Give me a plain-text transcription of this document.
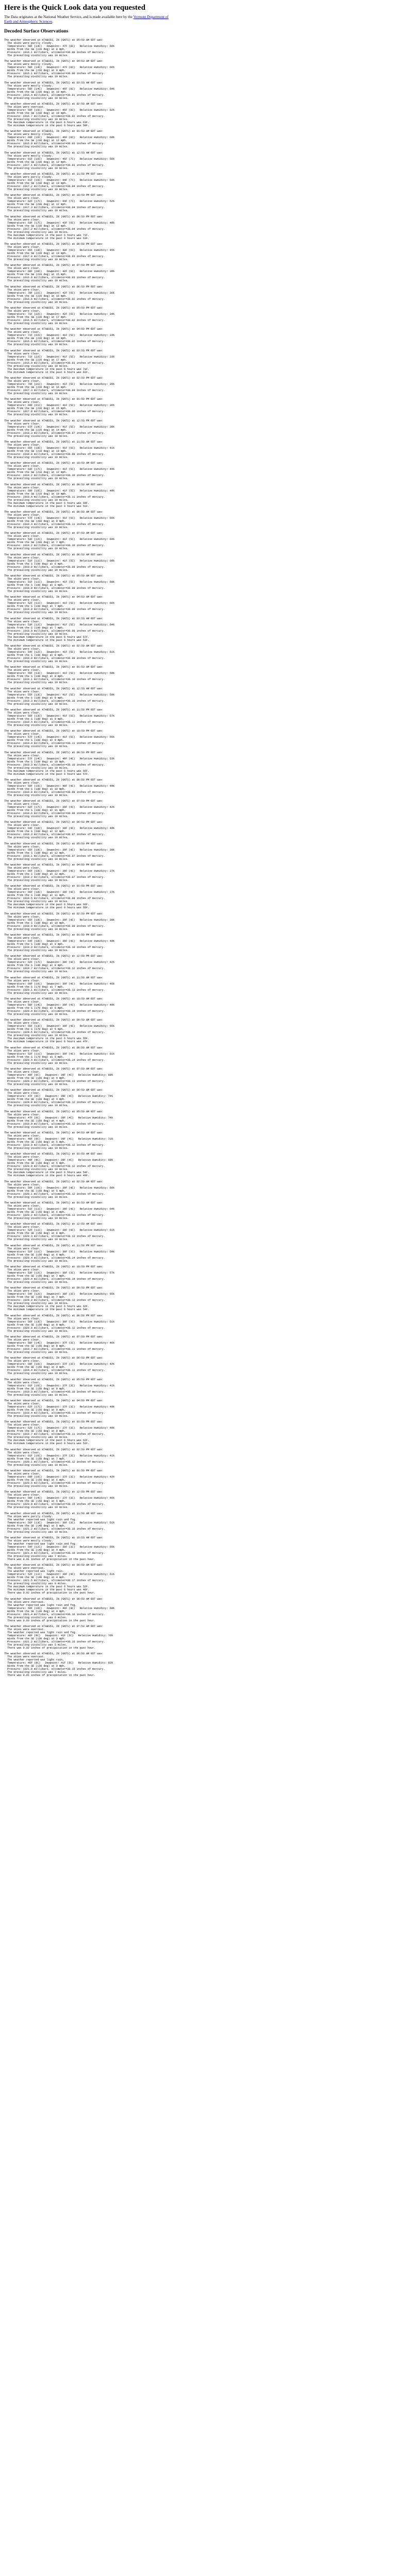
Here is the Quick Look data you requested

The Data originates at the National Weather Service, and is made available here by the Vermont Department of Earth and Atmospheric Sciences.

Decoded Surface Observations
The weather observed at KTABS53, IN (GNTS) at 05:53 AM EDT was:
The skies were partly cloudy.
Temperature: 58F (14C)   Dewpoint: 47F (8C)   Relative Humidity: 66%
Winds from the SW (220 deg) at 8 mph.
Pressure: 1016.1 millibars, altimeter=30.00 inches of mercury.
The prevailing visibility was 10 miles.
The weather observed at KTABS53, IN (GNTS) at 04:53 AM EDT was:
The skies were mostly cloudy.
Temperature: 58F (14C)   Dewpoint: 47F (8C)   Relative Humidity: 66%
Winds from the SW (220 deg) at 9 mph.
Pressure: 1016.1 millibars, altimeter=30.00 inches of mercury.
The prevailing visibility was 10 miles.
The weather observed at KTABS53, IN (GNTS) at 03:53 AM EDT was:
The skies were mostly cloudy.
Temperature: 58F (14C)   Dewpoint: 46F (8C)   Relative Humidity: 64%
Winds from the SW (230 deg) at 10 mph.
Pressure: 1016.4 millibars, altimeter=30.01 inches of mercury.
The prevailing visibility was 10 miles.
The weather observed at KTABS53, IN (GNTS) at 02:53 AM EDT was:
The skies were overcast.
Temperature: 59F (15C)   Dewpoint: 46F (8C)   Relative Humidity: 62%
Winds from the SW (230 deg) at 10 mph.
Pressure: 1016.7 millibars, altimeter=30.02 inches of mercury.
The prevailing visibility was 10 miles.
The maximum temperature in the past 6 hours was 63F.
The minimum temperature in the past 6 hours was 58F.
The weather observed at KTABS53, IN (GNTS) at 01:53 AM EDT was:
The skies were mostly cloudy.
Temperature: 60F (16C)   Dewpoint: 46F (8C)   Relative Humidity: 60%
Winds from the SW (230 deg) at 12 mph.
Pressure: 1016.9 millibars, altimeter=30.03 inches of mercury.
The prevailing visibility was 10 miles.
The weather observed at KTABS53, IN (GNTS) at 12:53 AM EDT was:
The skies were mostly cloudy.
Temperature: 61F (16C)   Dewpoint: 45F (7C)   Relative Humidity: 56%
Winds from the SW (230 deg) at 12 mph.
Pressure: 1017.1 millibars, altimeter=30.03 inches of mercury.
The prevailing visibility was 10 miles.
The weather observed at KTABS53, IN (GNTS) at 11:53 PM EDT was:
The skies were partly cloudy.
Temperature: 61F (16C)   Dewpoint: 44F (7C)   Relative Humidity: 54%
Winds from the SW (230 deg) at 13 mph.
Pressure: 1017.2 millibars, altimeter=30.04 inches of mercury.
The prevailing visibility was 10 miles.
The weather observed at KTABS53, IN (GNTS) at 10:53 PM EDT was:
The skies were clear.
Temperature: 62F (17C)   Dewpoint: 44F (7C)   Relative Humidity: 52%
Winds from the SW (230 deg) at 12 mph.
Pressure: 1017.3 millibars, altimeter=30.04 inches of mercury.
The prevailing visibility was 10 miles.
The weather observed at KTABS53, IN (GNTS) at 09:53 PM EDT was:
The skies were clear.
Temperature: 63F (17C)   Dewpoint: 43F (6C)   Relative Humidity: 48%
Winds from the SW (230 deg) at 13 mph.
Pressure: 1017.2 millibars, altimeter=30.04 inches of mercury.
The prevailing visibility was 10 miles.
The maximum temperature in the past 6 hours was 71F.
The minimum temperature in the past 6 hours was 63F.
The weather observed at KTABS53, IN (GNTS) at 08:53 PM EDT was:
The skies were clear.
Temperature: 65F (18C)   Dewpoint: 43F (6C)   Relative Humidity: 45%
Winds from the SW (220 deg) at 13 mph.
Pressure: 1017.0 millibars, altimeter=30.03 inches of mercury.
The prevailing visibility was 10 miles.
The weather observed at KTABS53, IN (GNTS) at 07:53 PM EDT was:
The skies were clear.
Temperature: 68F (20C)   Dewpoint: 42F (6C)   Relative Humidity: 39%
Winds from the SW (220 deg) at 15 mph.
Pressure: 1016.8 millibars, altimeter=30.03 inches of mercury.
The prevailing visibility was 10 miles.
The weather observed at KTABS53, IN (GNTS) at 06:53 PM EDT was:
The skies were clear.
Temperature: 70F (21C)   Dewpoint: 42F (6C)   Relative Humidity: 36%
Winds from the SW (220 deg) at 16 mph.
Pressure: 1016.6 millibars, altimeter=30.02 inches of mercury.
The prevailing visibility was 10 miles.
The weather observed at KTABS53, IN (GNTS) at 05:53 PM EDT was:
The skies were clear.
Temperature: 71F (22C)   Dewpoint: 42F (6C)   Relative Humidity: 34%
Winds from the SW (220 deg) at 17 mph.
Pressure: 1016.5 millibars, altimeter=30.02 inches of mercury.
The prevailing visibility was 10 miles.
The weather observed at KTABS53, IN (GNTS) at 04:53 PM EDT was:
The skies were clear.
Temperature: 71F (22C)   Dewpoint: 41F (5C)   Relative Humidity: 33%
Winds from the SW (220 deg) at 18 mph.
Pressure: 1016.6 millibars, altimeter=30.02 inches of mercury.
The prevailing visibility was 10 miles.
The weather observed at KTABS53, IN (GNTS) at 03:53 PM EDT was:
The skies were clear.
Temperature: 71F (22C)   Dewpoint: 41F (5C)   Relative Humidity: 33%
Winds from the SW (220 deg) at 17 mph.
Pressure: 1016.9 millibars, altimeter=30.03 inches of mercury.
The prevailing visibility was 10 miles.
The maximum temperature in the past 6 hours was 71F.
The minimum temperature in the past 6 hours was 61F.
The weather observed at KTABS53, IN (GNTS) at 02:53 PM EDT was:
The skies were clear.
Temperature: 70F (21C)   Dewpoint: 41F (5C)   Relative Humidity: 35%
Winds from the SW (220 deg) at 16 mph.
Pressure: 1017.3 millibars, altimeter=30.04 inches of mercury.
The prevailing visibility was 10 miles.
The weather observed at KTABS53, IN (GNTS) at 01:53 PM EDT was:
The skies were clear.
Temperature: 69F (21C)   Dewpoint: 41F (5C)   Relative Humidity: 36%
Winds from the SW (220 deg) at 15 mph.
Pressure: 1017.8 millibars, altimeter=30.06 inches of mercury.
The prevailing visibility was 10 miles.
The weather observed at KTABS53, IN (GNTS) at 12:53 PM EDT was:
The skies were clear.
Temperature: 67F (19C)   Dewpoint: 41F (5C)   Relative Humidity: 38%
Winds from the SW (220 deg) at 14 mph.
Pressure: 1018.3 millibars, altimeter=30.07 inches of mercury.
The prevailing visibility was 10 miles.
The weather observed at KTABS53, IN (GNTS) at 11:53 AM EDT was:
The skies were clear.
Temperature: 65F (18C)   Dewpoint: 41F (5C)   Relative Humidity: 41%
Winds from the SW (210 deg) at 13 mph.
Pressure: 1018.8 millibars, altimeter=30.09 inches of mercury.
The prevailing visibility was 10 miles.
The weather observed at KTABS53, IN (GNTS) at 10:53 AM EDT was:
The skies were clear.
Temperature: 63F (17C)   Dewpoint: 41F (5C)   Relative Humidity: 44%
Winds from the SW (210 deg) at 12 mph.
Pressure: 1019.2 millibars, altimeter=30.10 inches of mercury.
The prevailing visibility was 10 miles.
The weather observed at KTABS53, IN (GNTS) at 09:53 AM EDT was:
The skies were clear.
Temperature: 60F (16C)   Dewpoint: 41F (5C)   Relative Humidity: 49%
Winds from the SW (210 deg) at 10 mph.
Pressure: 1019.4 millibars, altimeter=30.11 inches of mercury.
The prevailing visibility was 10 miles.
The maximum temperature in the past 6 hours was 60F.
The minimum temperature in the past 6 hours was 51F.
The weather observed at KTABS53, IN (GNTS) at 08:53 AM EDT was:
The skies were clear.
Temperature: 57F (14C)   Dewpoint: 41F (5C)   Relative Humidity: 55%
Winds from the SW (200 deg) at 9 mph.
Pressure: 1019.4 millibars, altimeter=30.11 inches of mercury.
The prevailing visibility was 10 miles.
The weather observed at KTABS53, IN (GNTS) at 07:53 AM EDT was:
The skies were clear.
Temperature: 53F (12C)   Dewpoint: 41F (5C)   Relative Humidity: 64%
Winds from the SW (200 deg) at 7 mph.
Pressure: 1019.2 millibars, altimeter=30.10 inches of mercury.
The prevailing visibility was 10 miles.
The weather observed at KTABS53, IN (GNTS) at 06:53 AM EDT was:
The skies were clear.
Temperature: 51F (11C)   Dewpoint: 41F (5C)   Relative Humidity: 68%
Winds from the S (190 deg) at 6 mph.
Pressure: 1019.0 millibars, altimeter=30.09 inches of mercury.
The prevailing visibility was 10 miles.
The weather observed at KTABS53, IN (GNTS) at 05:53 AM EDT was:
The skies were clear.
Temperature: 51F (11C)   Dewpoint: 41F (5C)   Relative Humidity: 68%
Winds from the S (190 deg) at 6 mph.
Pressure: 1018.8 millibars, altimeter=30.09 inches of mercury.
The prevailing visibility was 10 miles.
The weather observed at KTABS53, IN (GNTS) at 04:53 AM EDT was:
The skies were clear.
Temperature: 52F (11C)   Dewpoint: 41F (5C)   Relative Humidity: 66%
Winds from the S (190 deg) at 7 mph.
Pressure: 1018.8 millibars, altimeter=30.09 inches of mercury.
The prevailing visibility was 10 miles.
The weather observed at KTABS53, IN (GNTS) at 03:53 AM EDT was:
The skies were clear.
Temperature: 53F (12C)   Dewpoint: 41F (5C)   Relative Humidity: 64%
Winds from the S (190 deg) at 7 mph.
Pressure: 1018.9 millibars, altimeter=30.09 inches of mercury.
The prevailing visibility was 10 miles.
The maximum temperature in the past 6 hours was 57F.
The minimum temperature in the past 6 hours was 53F.
The weather observed at KTABS53, IN (GNTS) at 02:53 AM EDT was:
The skies were clear.
Temperature: 54F (12C)   Dewpoint: 41F (5C)   Relative Humidity: 61%
Winds from the S (190 deg) at 8 mph.
Pressure: 1019.0 millibars, altimeter=30.09 inches of mercury.
The prevailing visibility was 10 miles.
The weather observed at KTABS53, IN (GNTS) at 01:53 AM EDT was:
The skies were clear.
Temperature: 55F (13C)   Dewpoint: 41F (5C)   Relative Humidity: 59%
Winds from the S (190 deg) at 8 mph.
Pressure: 1019.1 millibars, altimeter=30.10 inches of mercury.
The prevailing visibility was 10 miles.
The weather observed at KTABS53, IN (GNTS) at 12:53 AM EDT was:
The skies were clear.
Temperature: 55F (13C)   Dewpoint: 41F (5C)   Relative Humidity: 59%
Winds from the S (180 deg) at 8 mph.
Pressure: 1019.3 millibars, altimeter=30.10 inches of mercury.
The prevailing visibility was 10 miles.
The weather observed at KTABS53, IN (GNTS) at 11:53 PM EDT was:
The skies were clear.
Temperature: 56F (13C)   Dewpoint: 41F (5C)   Relative Humidity: 57%
Winds from the S (180 deg) at 9 mph.
Pressure: 1019.4 millibars, altimeter=30.11 inches of mercury.
The prevailing visibility was 10 miles.
The weather observed at KTABS53, IN (GNTS) at 10:53 PM EDT was:
The skies were clear.
Temperature: 57F (14C)   Dewpoint: 41F (5C)   Relative Humidity: 55%
Winds from the S (180 deg) at 9 mph.
Pressure: 1019.4 millibars, altimeter=30.11 inches of mercury.
The prevailing visibility was 10 miles.
The weather observed at KTABS53, IN (GNTS) at 09:53 PM EDT was:
The skies were clear.
Temperature: 57F (14C)   Dewpoint: 40F (4C)   Relative Humidity: 53%
Winds from the S (180 deg) at 10 mph.
Pressure: 1019.3 millibars, altimeter=30.10 inches of mercury.
The prevailing visibility was 10 miles.
The maximum temperature in the past 6 hours was 66F.
The minimum temperature in the past 6 hours was 57F.
The weather observed at KTABS53, IN (GNTS) at 08:53 PM EDT was:
The skies were clear.
Temperature: 59F (15C)   Dewpoint: 40F (4C)   Relative Humidity: 49%
Winds from the S (180 deg) at 10 mph.
Pressure: 1019.0 millibars, altimeter=30.09 inches of mercury.
The prevailing visibility was 10 miles.
The weather observed at KTABS53, IN (GNTS) at 07:53 PM EDT was:
The skies were clear.
Temperature: 62F (17C)   Dewpoint: 39F (4C)   Relative Humidity: 42%
Winds from the S (180 deg) at 11 mph.
Pressure: 1018.6 millibars, altimeter=30.08 inches of mercury.
The prevailing visibility was 10 miles.
The weather observed at KTABS53, IN (GNTS) at 06:53 PM EDT was:
The skies were clear.
Temperature: 64F (18C)   Dewpoint: 39F (4C)   Relative Humidity: 40%
Winds from the S (180 deg) at 12 mph.
Pressure: 1018.3 millibars, altimeter=30.07 inches of mercury.
The prevailing visibility was 10 miles.
The weather observed at KTABS53, IN (GNTS) at 05:53 PM EDT was:
The skies were clear.
Temperature: 65F (18C)   Dewpoint: 39F (4C)   Relative Humidity: 38%
Winds from the S (180 deg) at 12 mph.
Pressure: 1018.1 millibars, altimeter=30.07 inches of mercury.
The prevailing visibility was 10 miles.
The weather observed at KTABS53, IN (GNTS) at 04:53 PM EDT was:
The skies were clear.
Temperature: 66F (19C)   Dewpoint: 39F (4C)   Relative Humidity: 37%
Winds from the S (180 deg) at 12 mph.
Pressure: 1018.2 millibars, altimeter=30.07 inches of mercury.
The prevailing visibility was 10 miles.
The weather observed at KTABS53, IN (GNTS) at 03:53 PM EDT was:
The skies were clear.
Temperature: 66F (19C)   Dewpoint: 39F (4C)   Relative Humidity: 37%
Winds from the S (180 deg) at 11 mph.
Pressure: 1018.5 millibars, altimeter=30.08 inches of mercury.
The prevailing visibility was 10 miles.
The maximum temperature in the past 6 hours was 66F.
The minimum temperature in the past 6 hours was 55F.
The weather observed at KTABS53, IN (GNTS) at 02:53 PM EDT was:
The skies were clear.
Temperature: 65F (18C)   Dewpoint: 39F (4C)   Relative Humidity: 38%
Winds from the S (180 deg) at 10 mph.
Pressure: 1018.9 millibars, altimeter=30.09 inches of mercury.
The prevailing visibility was 10 miles.
The weather observed at KTABS53, IN (GNTS) at 01:53 PM EDT was:
The skies were clear.
Temperature: 64F (18C)   Dewpoint: 39F (4C)   Relative Humidity: 40%
Winds from the S (180 deg) at 9 mph.
Pressure: 1019.3 millibars, altimeter=30.10 inches of mercury.
The prevailing visibility was 10 miles.
The weather observed at KTABS53, IN (GNTS) at 12:53 PM EDT was:
The skies were clear.
Temperature: 62F (17C)   Dewpoint: 39F (4C)   Relative Humidity: 42%
Winds from the S (180 deg) at 8 mph.
Pressure: 1019.7 millibars, altimeter=30.12 inches of mercury.
The prevailing visibility was 10 miles.
The weather observed at KTABS53, IN (GNTS) at 11:53 AM EDT was:
The skies were clear.
Temperature: 60F (16C)   Dewpoint: 39F (4C)   Relative Humidity: 46%
Winds from the S (170 deg) at 7 mph.
Pressure: 1020.1 millibars, altimeter=30.13 inches of mercury.
The prevailing visibility was 10 miles.
The weather observed at KTABS53, IN (GNTS) at 10:53 AM EDT was:
The skies were clear.
Temperature: 58F (14C)   Dewpoint: 39F (4C)   Relative Humidity: 49%
Winds from the S (170 deg) at 6 mph.
Pressure: 1020.4 millibars, altimeter=30.14 inches of mercury.
The prevailing visibility was 10 miles.
The weather observed at KTABS53, IN (GNTS) at 09:53 AM EDT was:
The skies were clear.
Temperature: 55F (13C)   Dewpoint: 39F (4C)   Relative Humidity: 55%
Winds from the S (170 deg) at 5 mph.
Pressure: 1020.5 millibars, altimeter=30.14 inches of mercury.
The prevailing visibility was 10 miles.
The maximum temperature in the past 6 hours was 55F.
The minimum temperature in the past 6 hours was 47F.
The weather observed at KTABS53, IN (GNTS) at 08:53 AM EDT was:
The skies were clear.
Temperature: 52F (11C)   Dewpoint: 39F (4C)   Relative Humidity: 61%
Winds from the S (170 deg) at 5 mph.
Pressure: 1020.4 millibars, altimeter=30.14 inches of mercury.
The prevailing visibility was 10 miles.
The weather observed at KTABS53, IN (GNTS) at 07:53 AM EDT was:
The skies were clear.
Temperature: 49F (9C)   Dewpoint: 39F (4C)   Relative Humidity: 68%
Winds from the SE (160 deg) at 4 mph.
Pressure: 1020.2 millibars, altimeter=30.13 inches of mercury.
The prevailing visibility was 10 miles.
The weather observed at KTABS53, IN (GNTS) at 06:53 AM EDT was:
The skies were clear.
Temperature: 47F (8C)   Dewpoint: 39F (4C)   Relative Humidity: 74%
Winds from the SE (160 deg) at 4 mph.
Pressure: 1020.0 millibars, altimeter=30.12 inches of mercury.
The prevailing visibility was 10 miles.
The weather observed at KTABS53, IN (GNTS) at 05:53 AM EDT was:
The skies were clear.
Temperature: 47F (8C)   Dewpoint: 39F (4C)   Relative Humidity: 74%
Winds from the SE (160 deg) at 4 mph.
Pressure: 1019.9 millibars, altimeter=30.12 inches of mercury.
The prevailing visibility was 10 miles.
The weather observed at KTABS53, IN (GNTS) at 04:53 AM EDT was:
The skies were clear.
Temperature: 48F (9C)   Dewpoint: 39F (4C)   Relative Humidity: 71%
Winds from the SE (160 deg) at 5 mph.
Pressure: 1019.9 millibars, altimeter=30.12 inches of mercury.
The prevailing visibility was 10 miles.
The weather observed at KTABS53, IN (GNTS) at 03:53 AM EDT was:
The skies were clear.
Temperature: 49F (9C)   Dewpoint: 39F (4C)   Relative Humidity: 68%
Winds from the SE (160 deg) at 5 mph.
Pressure: 1020.0 millibars, altimeter=30.12 inches of mercury.
The prevailing visibility was 10 miles.
The maximum temperature in the past 6 hours was 54F.
The minimum temperature in the past 6 hours was 49F.
The weather observed at KTABS53, IN (GNTS) at 02:53 AM EDT was:
The skies were clear.
Temperature: 50F (10C)   Dewpoint: 39F (4C)   Relative Humidity: 66%
Winds from the SE (150 deg) at 5 mph.
Pressure: 1020.1 millibars, altimeter=30.12 inches of mercury.
The prevailing visibility was 10 miles.
The weather observed at KTABS53, IN (GNTS) at 01:53 AM EDT was:
The skies were clear.
Temperature: 51F (11C)   Dewpoint: 39F (4C)   Relative Humidity: 64%
Winds from the SE (150 deg) at 6 mph.
Pressure: 1020.2 millibars, altimeter=30.13 inches of mercury.
The prevailing visibility was 10 miles.
The weather observed at KTABS53, IN (GNTS) at 12:53 AM EDT was:
The skies were clear.
Temperature: 52F (11C)   Dewpoint: 39F (4C)   Relative Humidity: 61%
Winds from the SE (150 deg) at 6 mph.
Pressure: 1020.3 millibars, altimeter=30.13 inches of mercury.
The prevailing visibility was 10 miles.
The weather observed at KTABS53, IN (GNTS) at 11:53 PM EDT was:
The skies were clear.
Temperature: 52F (11C)   Dewpoint: 38F (3C)   Relative Humidity: 59%
Winds from the SE (150 deg) at 6 mph.
Pressure: 1020.4 millibars, altimeter=30.14 inches of mercury.
The prevailing visibility was 10 miles.
The weather observed at KTABS53, IN (GNTS) at 10:53 PM EDT was:
The skies were clear.
Temperature: 53F (12C)   Dewpoint: 38F (3C)   Relative Humidity: 57%
Winds from the SE (150 deg) at 7 mph.
Pressure: 1020.4 millibars, altimeter=30.14 inches of mercury.
The prevailing visibility was 10 miles.
The weather observed at KTABS53, IN (GNTS) at 09:53 PM EDT was:
The skies were clear.
Temperature: 54F (12C)   Dewpoint: 38F (3C)   Relative Humidity: 55%
Winds from the SE (150 deg) at 7 mph.
Pressure: 1020.3 millibars, altimeter=30.13 inches of mercury.
The prevailing visibility was 10 miles.
The maximum temperature in the past 6 hours was 62F.
The minimum temperature in the past 6 hours was 54F.
The weather observed at KTABS53, IN (GNTS) at 08:53 PM EDT was:
The skies were clear.
Temperature: 56F (13C)   Dewpoint: 38F (3C)   Relative Humidity: 51%
Winds from the SE (150 deg) at 8 mph.
Pressure: 1020.0 millibars, altimeter=30.12 inches of mercury.
The prevailing visibility was 10 miles.
The weather observed at KTABS53, IN (GNTS) at 07:53 PM EDT was:
The skies were clear.
Temperature: 58F (14C)   Dewpoint: 37F (3C)   Relative Humidity: 46%
Winds from the SE (150 deg) at 8 mph.
Pressure: 1019.7 millibars, altimeter=30.11 inches of mercury.
The prevailing visibility was 10 miles.
The weather observed at KTABS53, IN (GNTS) at 06:53 PM EDT was:
The skies were clear.
Temperature: 60F (16C)   Dewpoint: 37F (3C)   Relative Humidity: 42%
Winds from the SE (150 deg) at 9 mph.
Pressure: 1019.4 millibars, altimeter=30.11 inches of mercury.
The prevailing visibility was 10 miles.
The weather observed at KTABS53, IN (GNTS) at 05:53 PM EDT was:
The skies were clear.
Temperature: 61F (16C)   Dewpoint: 37F (3C)   Relative Humidity: 41%
Winds from the SE (150 deg) at 9 mph.
Pressure: 1019.3 millibars, altimeter=30.10 inches of mercury.
The prevailing visibility was 10 miles.
The weather observed at KTABS53, IN (GNTS) at 04:53 PM EDT was:
The skies were clear.
Temperature: 62F (17C)   Dewpoint: 37F (3C)   Relative Humidity: 40%
Winds from the SE (150 deg) at 9 mph.
Pressure: 1019.4 millibars, altimeter=30.11 inches of mercury.
The prevailing visibility was 10 miles.
The weather observed at KTABS53, IN (GNTS) at 03:53 PM EDT was:
The skies were clear.
Temperature: 62F (17C)   Dewpoint: 37F (3C)   Relative Humidity: 40%
Winds from the SE (150 deg) at 8 mph.
Pressure: 1019.7 millibars, altimeter=30.11 inches of mercury.
The prevailing visibility was 10 miles.
The maximum temperature in the past 6 hours was 62F.
The minimum temperature in the past 6 hours was 51F.
The weather observed at KTABS53, IN (GNTS) at 02:53 PM EDT was:
The skies were clear.
Temperature: 61F (16C)   Dewpoint: 37F (3C)   Relative Humidity: 41%
Winds from the SE (150 deg) at 7 mph.
Pressure: 1020.1 millibars, altimeter=30.12 inches of mercury.
The prevailing visibility was 10 miles.
The weather observed at KTABS53, IN (GNTS) at 01:53 PM EDT was:
The skies were clear.
Temperature: 60F (16C)   Dewpoint: 37F (3C)   Relative Humidity: 42%
Winds from the SE (150 deg) at 6 mph.
Pressure: 1020.5 millibars, altimeter=30.14 inches of mercury.
The prevailing visibility was 10 miles.
The weather observed at KTABS53, IN (GNTS) at 12:53 PM EDT was:
The skies were clear.
Temperature: 58F (14C)   Dewpoint: 37F (3C)   Relative Humidity: 46%
Winds from the SE (150 deg) at 5 mph.
Pressure: 1020.9 millibars, altimeter=30.15 inches of mercury.
The prevailing visibility was 10 miles.
The weather observed at KTABS53, IN (GNTS) at 11:53 AM EDT was:
The skies were partly cloudy.
The weather reported was light rain and fog.
Temperature: 56F (13C)   Dewpoint: 38F (3C)   Relative Humidity: 51%
Winds from the SE (140 deg) at 5 mph.
Pressure: 1021.2 millibars, altimeter=30.16 inches of mercury.
The prevailing visibility was 10 miles.
The weather observed at KTABS53, IN (GNTS) at 10:53 AM EDT was:
The skies were mostly cloudy.
The weather reported was light rain and fog.
Temperature: 54F (12C)   Dewpoint: 38F (3C)   Relative Humidity: 55%
Winds from the SE (140 deg) at 4 mph.
Pressure: 1021.4 millibars, altimeter=30.16 inches of mercury.
The prevailing visibility was 7 miles.
There was 0.01 inches of precipitation in the past hour.
The weather observed at KTABS53, IN (GNTS) at 09:53 AM EDT was:
The skies were overcast.
The weather reported was light rain.
Temperature: 52F (11C)   Dewpoint: 39F (4C)   Relative Humidity: 61%
Winds from the SE (140 deg) at 4 mph.
Pressure: 1021.5 millibars, altimeter=30.17 inches of mercury.
The prevailing visibility was 8 miles.
The maximum temperature in the past 6 hours was 52F.
The minimum temperature in the past 6 hours was 46F.
There was 0.02 inches of precipitation in the past hour.
The weather observed at KTABS53, IN (GNTS) at 08:53 AM EDT was:
The skies were overcast.
The weather reported was light rain and fog.
Temperature: 50F (10C)   Dewpoint: 40F (4C)   Relative Humidity: 68%
Winds from the SE (130 deg) at 4 mph.
Pressure: 1021.4 millibars, altimeter=30.16 inches of mercury.
The prevailing visibility was 6 miles.
There was 0.03 inches of precipitation in the past hour.
The weather observed at KTABS53, IN (GNTS) at 07:53 AM EDT was:
The skies were overcast.
The weather reported was light rain and fog.
Temperature: 48F (9C)   Dewpoint: 41F (5C)   Relative Humidity: 76%
Winds from the SE (130 deg) at 3 mph.
Pressure: 1021.2 millibars, altimeter=30.16 inches of mercury.
The prevailing visibility was 5 miles.
There was 0.02 inches of precipitation in the past hour.
The weather observed at KTABS53, IN (GNTS) at 06:53 AM EDT was:
The skies were overcast.
The weather reported was light rain.
Temperature: 46F (8C)   Dewpoint: 41F (5C)   Relative Humidity: 82%
Winds from the SE (130 deg) at 3 mph.
Pressure: 1021.0 millibars, altimeter=30.15 inches of mercury.
The prevailing visibility was 7 miles.
There was 0.01 inches of precipitation in the past hour.
